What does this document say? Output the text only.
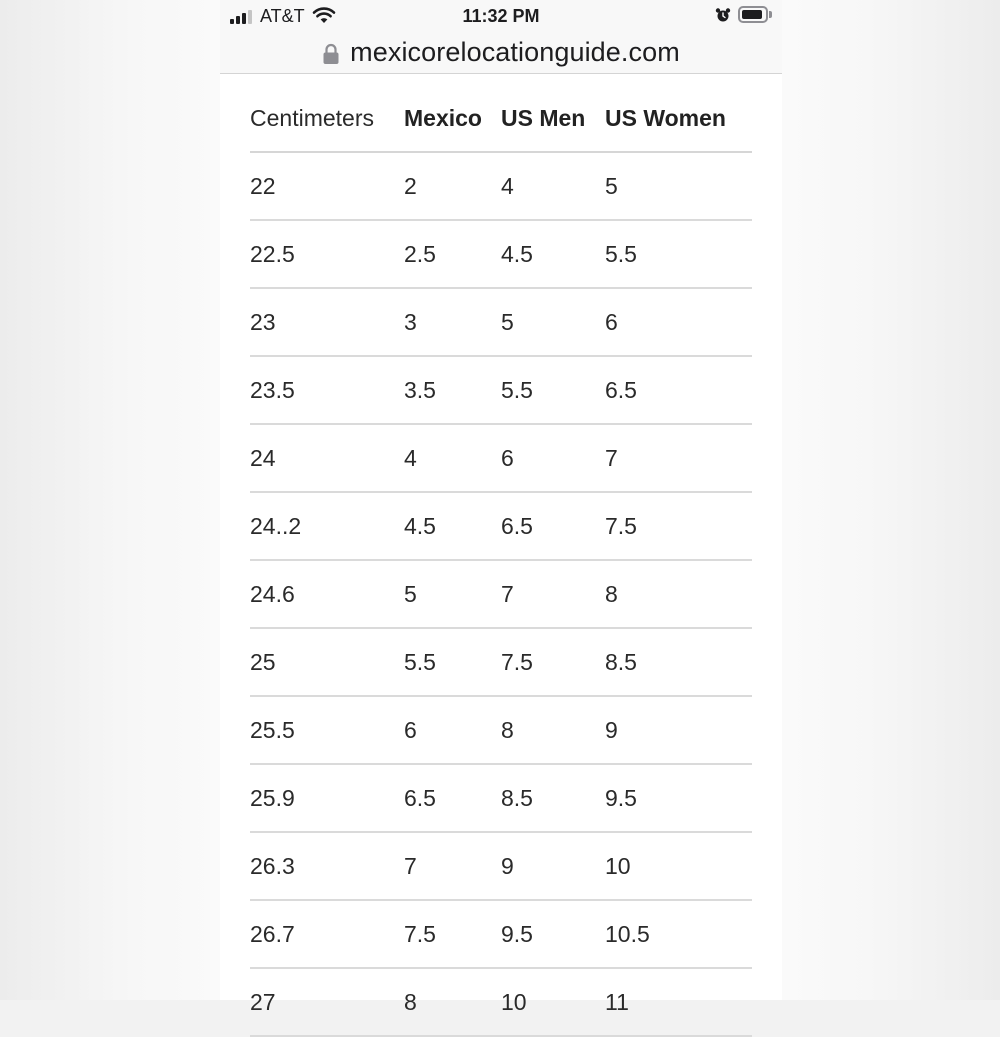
AT&T	11:32 PM
mexicorelocationguide.com
Centimeters	Mexico	US Men	US Women
22	2	4	5
22.5	2.5	4.5	5.5
23	3	5	6
23.5	3.5	5.5	6.5
24	4	6	7
24..2	4.5	6.5	7.5
24.6	5	7	8
25	5.5	7.5	8.5
25.5	6	8	9
25.9	6.5	8.5	9.5
26.3	7	9	10
26.7	7.5	9.5	10.5
27	8	10	11
